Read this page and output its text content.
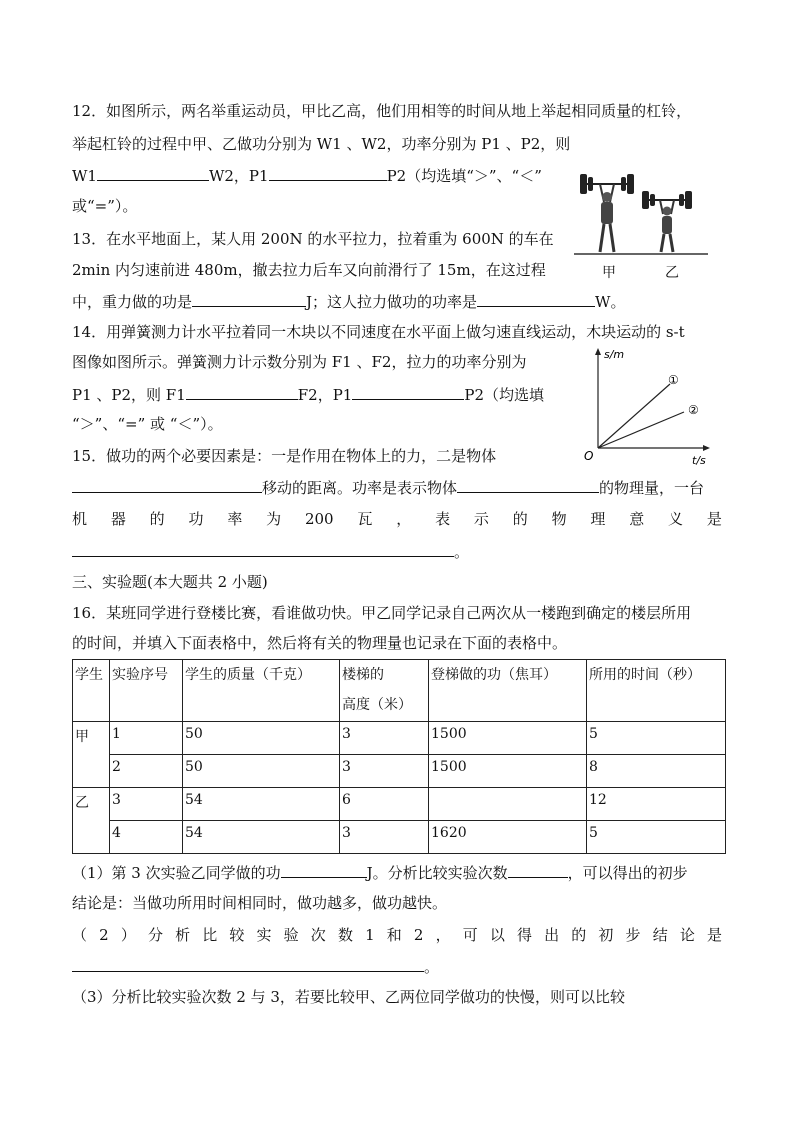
12．如图所示，两名举重运动员，甲比乙高，他们用相等的时间从地上举起相同质量的杠铃，
举起杠铃的过程中甲、乙做功分别为 W1 、W2，功率分别为 P1 、P2，则
W1	W2，P1	P2（均选填“＞”、“＜”
或“=”）。
甲	乙
13．在水平地面上，某人用 200N 的水平拉力，拉着重为 600N 的车在
2min 内匀速前进 480m，撤去拉力后车又向前滑行了 15m，在这过程
中，重力做的功是	J；这人拉力做功的功率是	W。
14．用弹簧测力计水平拉着同一木块以不同速度在水平面上做匀速直线运动，木块运动的 s-t
图像如图所示。弹簧测力计示数分别为 F1 、F2，拉力的功率分别为
P1 、P2，则 F1	F2，P1	P2（均选填
“＞”、“=” 或 “＜”）。
s/m
t/s
O
①
②
15．做功的两个必要因素是：一是作用在物体上的力，二是物体
移动的距离。功率是表示物体	的物理量，一台
机 器 的 功 率 为 200 瓦 ， 表 示 的 物 理 意 义 是
。
三、实验题(本大题共 2 小题)
16．某班同学进行登楼比赛，看谁做功快。甲乙同学记录自己两次从一楼跑到确定的楼层所用
的时间，并填入下面表格中，然后将有关的物理量也记录在下面的表格中。
学生	实验序号	学生的质量（千克）	楼梯的
高度（米）	登梯做的功（焦耳）	所用的时间（秒）
甲	1	50	3	1500	5
	2	50	3	1500	8
乙	3	54	6		12
	4	54	3	1620	5
（1）第 3 次实验乙同学做的功	J。分析比较实验次数	，可以得出的初步
结论是：当做功所用时间相同时，做功越多，做功越快。
（ 2 ） 分 析 比 较 实 验 次 数 1 和 2 ， 可 以 得 出 的 初 步 结 论 是
。
（3）分析比较实验次数 2 与 3，若要比较甲、乙两位同学做功的快慢，则可以比较
